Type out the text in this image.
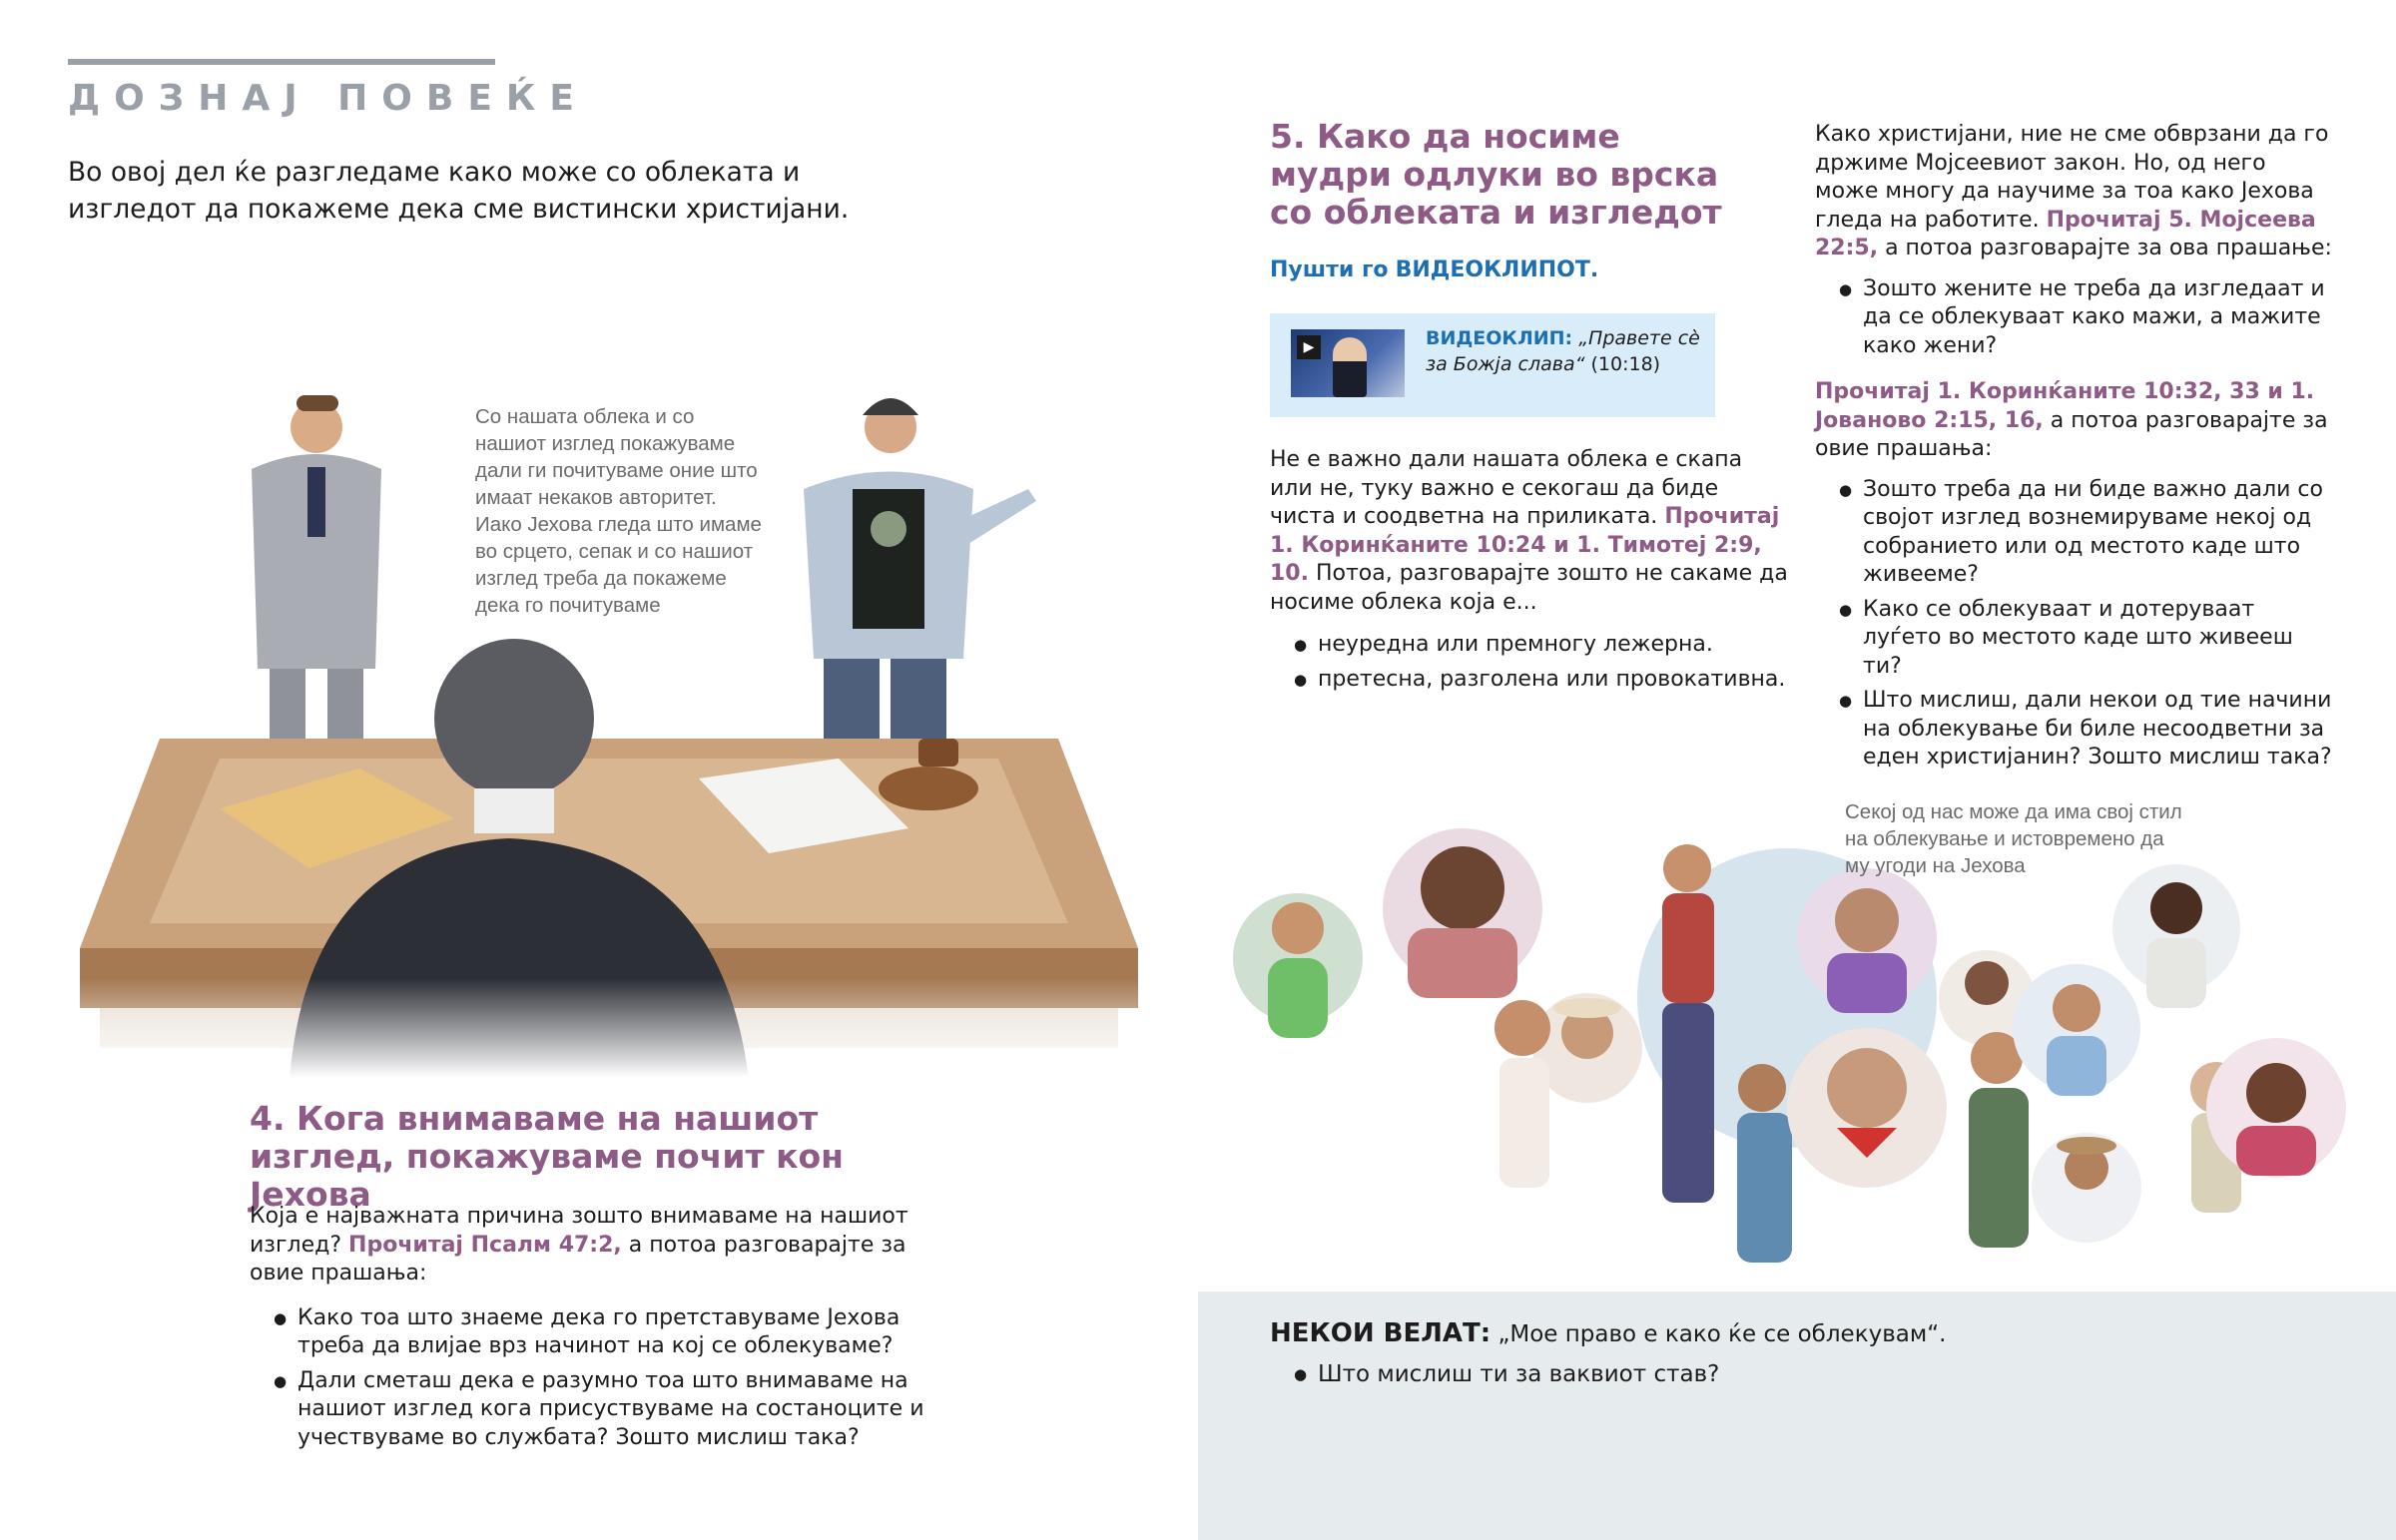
ДОЗНАЈ ПОВЕЌЕ
Во овој дел ќе разгледаме како може со облеката и изгледот да покажеме дека сме вистински христијани.
Со нашата облека и со нашиот изглед покажуваме дали ги почитуваме оние што имаат некаков авторитет. Иако Јехова гледа што имаме во срцето, сепак и со нашиот изглед треба да покажеме дека го почитуваме
4. Кога внимаваме на нашиот изглед, покажуваме почит кон Јехова
Која е најважната причина зошто внимаваме на нашиот изглед? Прочитај Псалм 47:2, а потоа разговарајте за овие прашања:
● Како тоа што знаеме дека го претставуваме Јехова треба да влијае врз начинот на кој се облекуваме?
● Дали сметаш дека е разумно тоа што внимаваме на нашиот изглед кога присуствуваме на состаноците и учествуваме во службата? Зошто мислиш така?
5. Како да носиме мудри одлуки во врска со облеката и изгледот
Пушти го ВИДЕОКЛИПОТ.
▶	ВИДЕОКЛИП: „Правете сè за Божја слава“ (10:18)
Не е важно дали нашата облека е скапа или не, туку важно е секогаш да биде чиста и соодветна на приликата. Прочитај 1. Коринќаните 10:24 и 1. Тимотеј 2:9, 10. Потоа, разговарајте зошто не сакаме да носиме облека која е...
● неуредна или премногу лежерна.
● претесна, разголена или провокативна.
Како христијани, ние не сме обврзани да го држиме Мојсеевиот закон. Но, од него може многу да научиме за тоа како Јехова гледа на работите. Прочитај 5. Мојсеева 22:5, а потоа разговарајте за ова прашање:
● Зошто жените не треба да изгледаат и да се облекуваат како мажи, а мажите како жени?
Прочитај 1. Коринќаните 10:32, 33 и 1. Јованово 2:15, 16, а потоа разговарајте за овие прашања:
● Зошто треба да ни биде важно дали со својот изглед вознемируваме некој од собранието или од местото каде што живееме?
● Како се облекуваат и дотеруваат луѓето во местото каде што живееш ти?
● Што мислиш, дали некои од тие начини на облекување би биле несоодветни за еден христијанин? Зошто мислиш така?
Секој од нас може да има свој стил на облекување и истовремено да му угоди на Јехова
НЕКОИ ВЕЛАТ: „Мое право е како ќе се облекувам“.
● Што мислиш ти за ваквиот став?
